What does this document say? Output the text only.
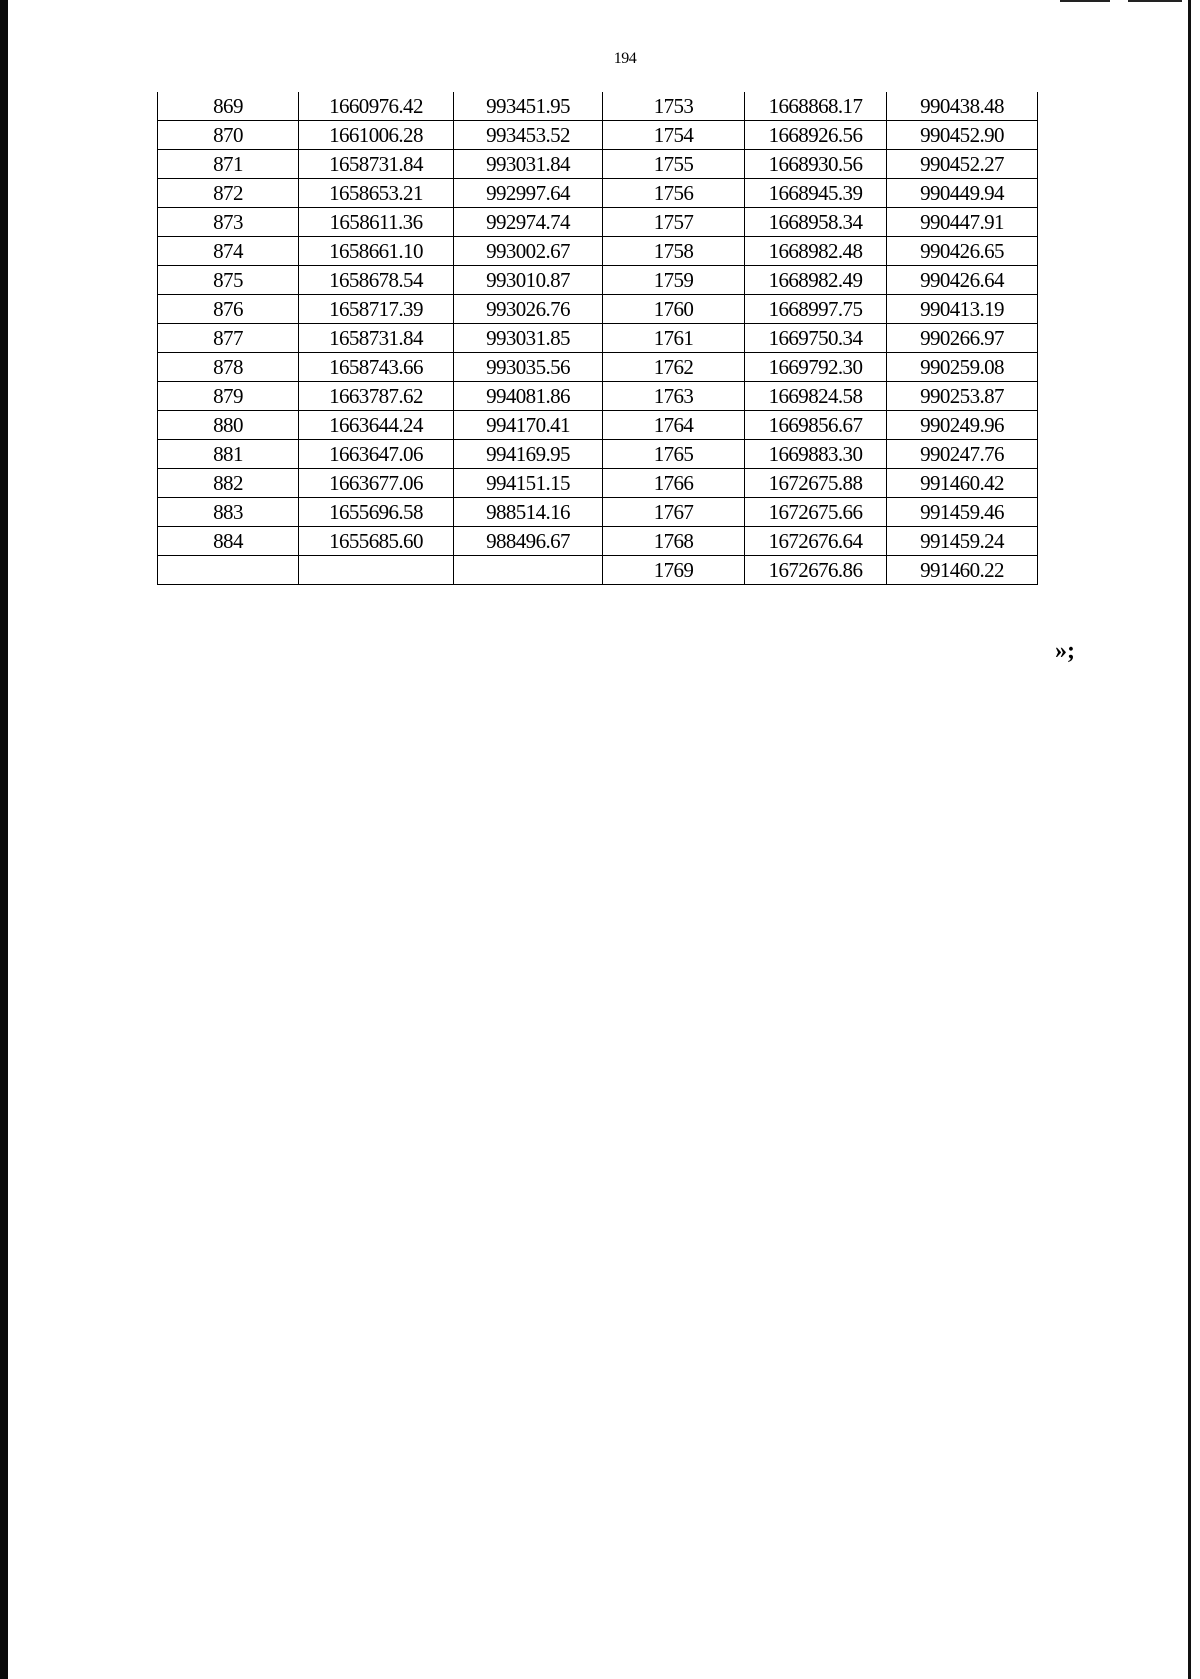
194
869	1660976.42	993451.95	1753	1668868.17	990438.48
870	1661006.28	993453.52	1754	1668926.56	990452.90
871	1658731.84	993031.84	1755	1668930.56	990452.27
872	1658653.21	992997.64	1756	1668945.39	990449.94
873	1658611.36	992974.74	1757	1668958.34	990447.91
874	1658661.10	993002.67	1758	1668982.48	990426.65
875	1658678.54	993010.87	1759	1668982.49	990426.64
876	1658717.39	993026.76	1760	1668997.75	990413.19
877	1658731.84	993031.85	1761	1669750.34	990266.97
878	1658743.66	993035.56	1762	1669792.30	990259.08
879	1663787.62	994081.86	1763	1669824.58	990253.87
880	1663644.24	994170.41	1764	1669856.67	990249.96
881	1663647.06	994169.95	1765	1669883.30	990247.76
882	1663677.06	994151.15	1766	1672675.88	991460.42
883	1655696.58	988514.16	1767	1672675.66	991459.46
884	1655685.60	988496.67	1768	1672676.64	991459.24
			1769	1672676.86	991460.22
»;
